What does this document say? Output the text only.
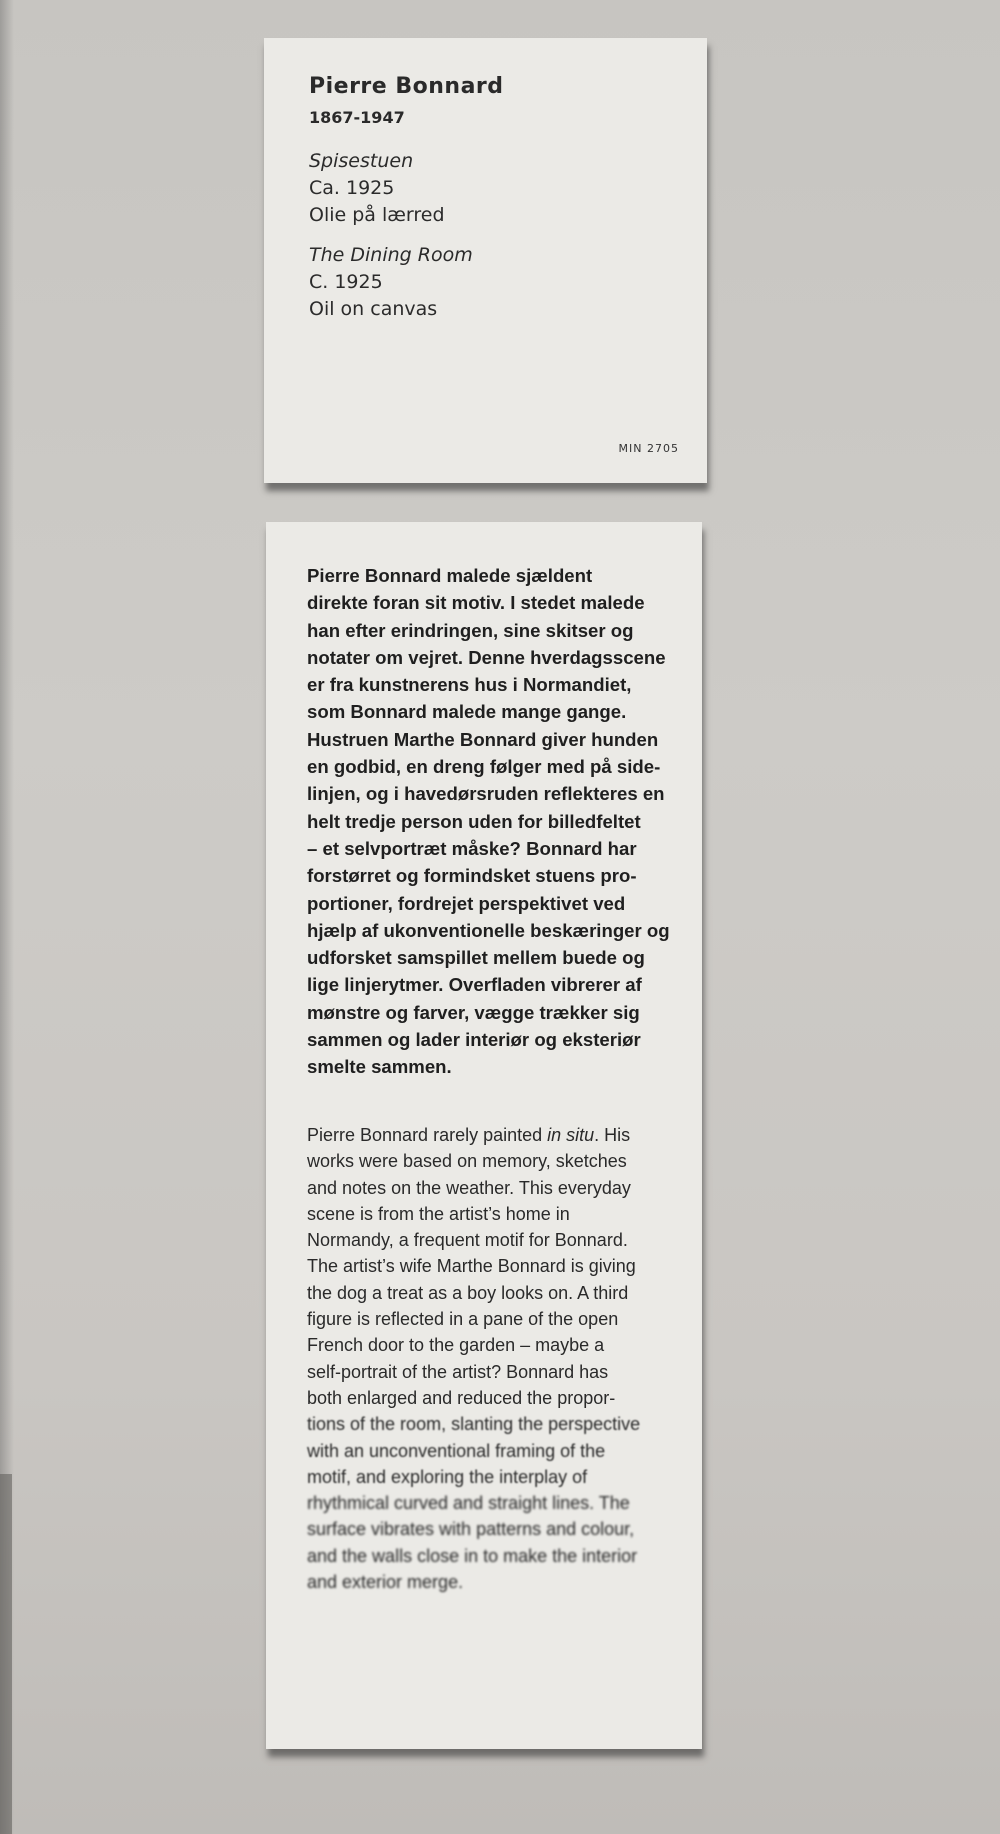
Pierre Bonnard
1867-1947
Spisestuen
Ca. 1925
Olie på lærred
The Dining Room
C. 1925
Oil on canvas
MIN 2705
Pierre Bonnard malede sjældent
direkte foran sit motiv. I stedet malede
han efter erindringen, sine skitser og
notater om vejret. Denne hverdagsscene
er fra kunstnerens hus i Normandiet,
som Bonnard malede mange gange.
Hustruen Marthe Bonnard giver hunden
en godbid, en dreng følger med på side-
linjen, og i havedørsruden reflekteres en
helt tredje person uden for billedfeltet
– et selvportræt måske? Bonnard har
forstørret og formindsket stuens pro-
portioner, fordrejet perspektivet ved
hjælp af ukonventionelle beskæringer og
udforsket samspillet mellem buede og
lige linjerytmer. Overfladen vibrerer af
mønstre og farver, vægge trækker sig
sammen og lader interiør og eksteriør
smelte sammen.
Pierre Bonnard rarely painted in situ. His
works were based on memory, sketches
and notes on the weather. This everyday
scene is from the artist’s home in
Normandy, a frequent motif for Bonnard.
The artist’s wife Marthe Bonnard is giving
the dog a treat as a boy looks on. A third
figure is reflected in a pane of the open
French door to the garden – maybe a
self-portrait of the artist? Bonnard has
both enlarged and reduced the propor-
tions of the room, slanting the perspective
with an unconventional framing of the
motif, and exploring the interplay of
rhythmical curved and straight lines. The
surface vibrates with patterns and colour,
and the walls close in to make the interior
and exterior merge.
